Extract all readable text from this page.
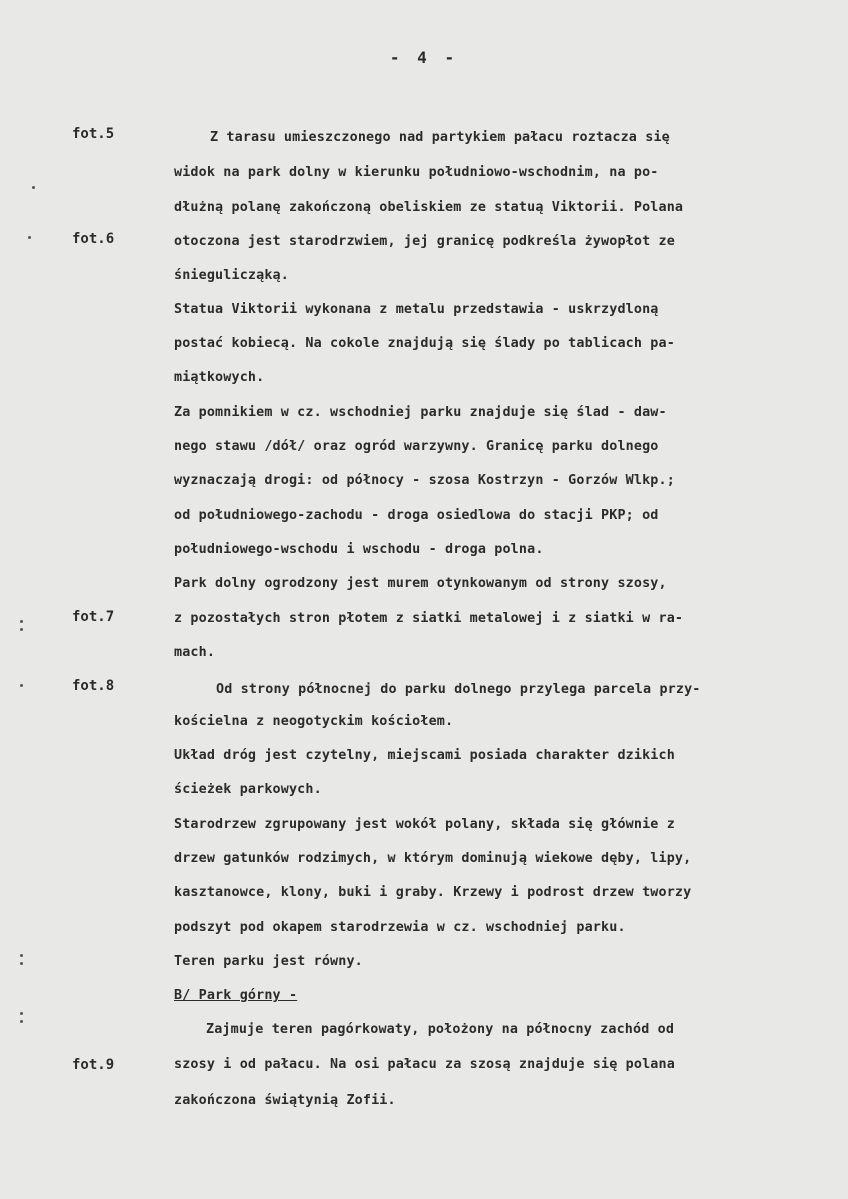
- 4 -
fot.5
fot.6
fot.7
fot.8
fot.9
Z tarasu umieszczonego nad partykiem pałacu roztacza się
widok na park dolny w kierunku południowo-wschodnim, na po-
dłużną polanę zakończoną obeliskiem ze statuą Viktorii. Polana
otoczona jest starodrzwiem, jej granicę podkreśla żywopłot ze
śniegulicząką.
Statua Viktorii wykonana z metalu przedstawia - uskrzydloną
postać kobiecą. Na cokole znajdują się ślady po tablicach pa-
miątkowych.
Za pomnikiem w cz. wschodniej parku znajduje się ślad - daw-
nego stawu /dół/ oraz ogród warzywny. Granicę parku dolnego
wyznaczają drogi: od północy - szosa Kostrzyn - Gorzów Wlkp.;
od południowego-zachodu - droga osiedlowa do stacji PKP; od
południowego-wschodu i wschodu - droga polna.
Park dolny ogrodzony jest murem otynkowanym od strony szosy,
z pozostałych stron płotem z siatki metalowej i z siatki w ra-
mach.
Od strony północnej do parku dolnego przylega parcela przy-
kościelna z neogotyckim kościołem.
Układ dróg jest czytelny, miejscami posiada charakter dzikich
ścieżek parkowych.
Starodrzew zgrupowany jest wokół polany, składa się głównie z
drzew gatunków rodzimych, w którym dominują wiekowe dęby, lipy,
kasztanowce, klony, buki i graby. Krzewy i podrost drzew tworzy
podszyt pod okapem starodrzewia w cz. wschodniej parku.
Teren parku jest równy.
B/ Park górny -
Zajmuje teren pagórkowaty, położony na północny zachód od
szosy i od pałacu. Na osi pałacu za szosą znajduje się polana
zakończona świątynią Zofii.
